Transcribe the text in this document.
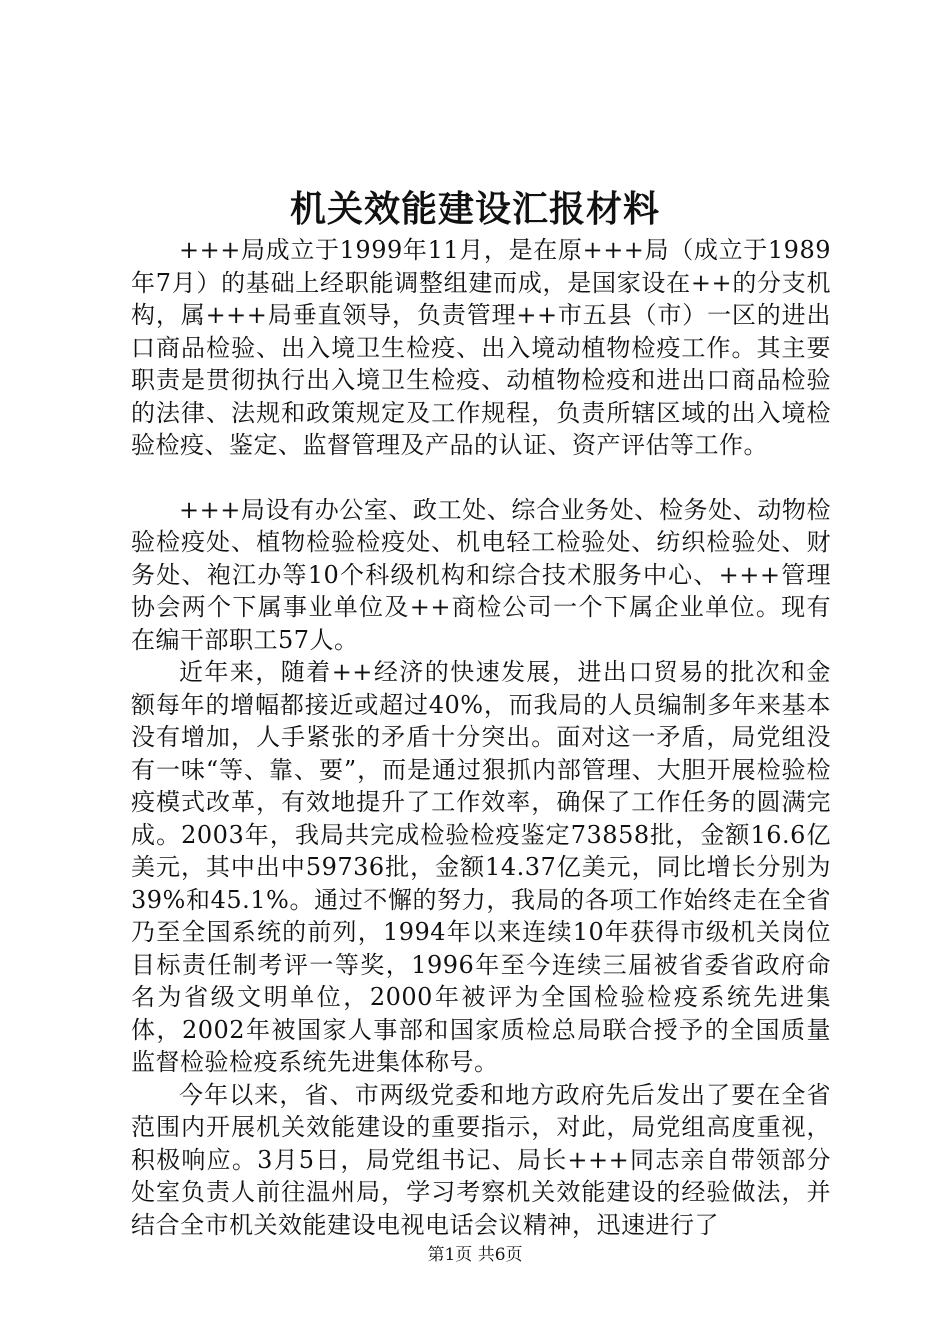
机关效能建设汇报材料

+++局成立于1999年11月，是在原+++局（成立于1989年7月）的基础上经职能调整组建而成，是国家设在++的分支机构，属+++局垂直领导，负责管理++市五县（市）一区的进出口商品检验、出入境卫生检疫、出入境动植物检疫工作。其主要职责是贯彻执行出入境卫生检疫、动植物检疫和进出口商品检验的法律、法规和政策规定及工作规程，负责所辖区域的出入境检验检疫、鉴定、监督管理及产品的认证、资产评估等工作。

+++局设有办公室、政工处、综合业务处、检务处、动物检验检疫处、植物检验检疫处、机电轻工检验处、纺织检验处、财务处、袍江办等10个科级机构和综合技术服务中心、+++管理协会两个下属事业单位及++商检公司一个下属企业单位。现有在编干部职工57人。

近年来，随着++经济的快速发展，进出口贸易的批次和金额每年的增幅都接近或超过40%，而我局的人员编制多年来基本没有增加，人手紧张的矛盾十分突出。面对这一矛盾，局党组没有一味“等、靠、要”，而是通过狠抓内部管理、大胆开展检验检疫模式改革，有效地提升了工作效率，确保了工作任务的圆满完成。2003年，我局共完成检验检疫鉴定73858批，金额16.6亿美元，其中出中59736批，金额14.37亿美元，同比增长分别为39%和45.1%。通过不懈的努力，我局的各项工作始终走在全省乃至全国系统的前列，1994年以来连续10年获得市级机关岗位目标责任制考评一等奖，1996年至今连续三届被省委省政府命名为省级文明单位，2000年被评为全国检验检疫系统先进集体，2002年被国家人事部和国家质检总局联合授予的全国质量监督检验检疫系统先进集体称号。

今年以来，省、市两级党委和地方政府先后发出了要在全省范围内开展机关效能建设的重要指示，对此，局党组高度重视，积极响应。3月5日，局党组书记、局长+++同志亲自带领部分处室负责人前往温州局，学习考察机关效能建设的经验做法，并结合全市机关效能建设电视电话会议精神，迅速进行了

第1页 共6页
